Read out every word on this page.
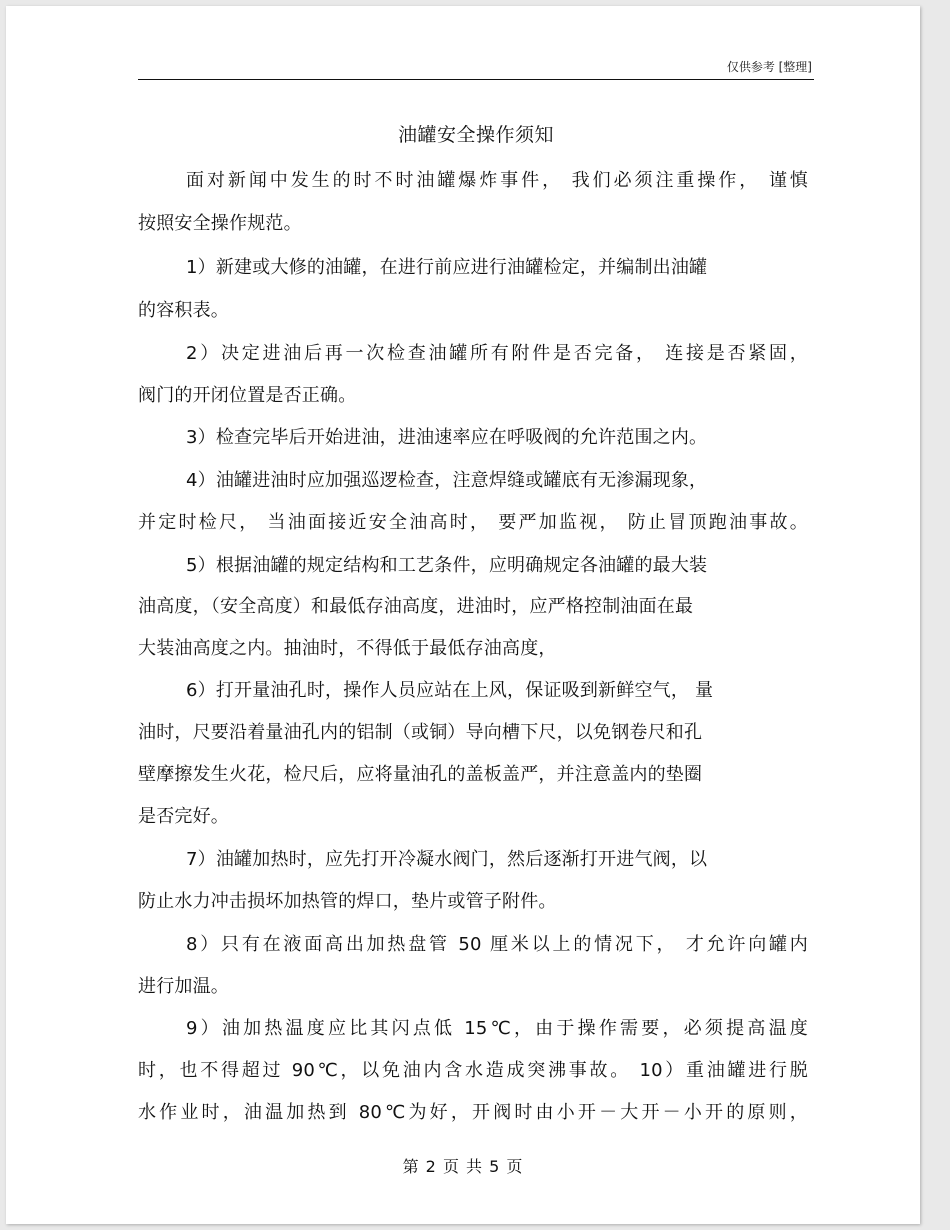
仅供参考 [整理]
油罐安全操作须知
面对新闻中发生的时不时油罐爆炸事件， 我们必须注重操作， 谨慎
按照安全操作规范。
1）新建或大修的油罐，在进行前应进行油罐检定，并编制出油罐
的容积表。
2）决定进油后再一次检查油罐所有附件是否完备， 连接是否紧固，
阀门的开闭位置是否正确。
3）检查完毕后开始进油，进油速率应在呼吸阀的允许范围之内。
4）油罐进油时应加强巡逻检查，注意焊缝或罐底有无渗漏现象，
并定时检尺， 当油面接近安全油高时， 要严加监视， 防止冒顶跑油事故。
5）根据油罐的规定结构和工艺条件，应明确规定各油罐的最大装
油高度，（安全高度）和最低存油高度，进油时，应严格控制油面在最
大装油高度之内。抽油时，不得低于最低存油高度，
6）打开量油孔时，操作人员应站在上风，保证吸到新鲜空气， 量
油时，尺要沿着量油孔内的铝制（或铜）导向槽下尺，以免钢卷尺和孔
壁摩擦发生火花，检尺后，应将量油孔的盖板盖严，并注意盖内的垫圈
是否完好。
7）油罐加热时，应先打开冷凝水阀门，然后逐渐打开进气阀，以
防止水力冲击损坏加热管的焊口，垫片或管子附件。
8）只有在液面高出加热盘管 50 厘米以上的情况下， 才允许向罐内
进行加温。
9）油加热温度应比其闪点低 15℃，由于操作需要，必须提高温度
时，也不得超过 90℃，以免油内含水造成突沸事故。 10）重油罐进行脱
水作业时，油温加热到 80℃为好，开阀时由小开－大开－小开的原则，
第 2 页 共 5 页
